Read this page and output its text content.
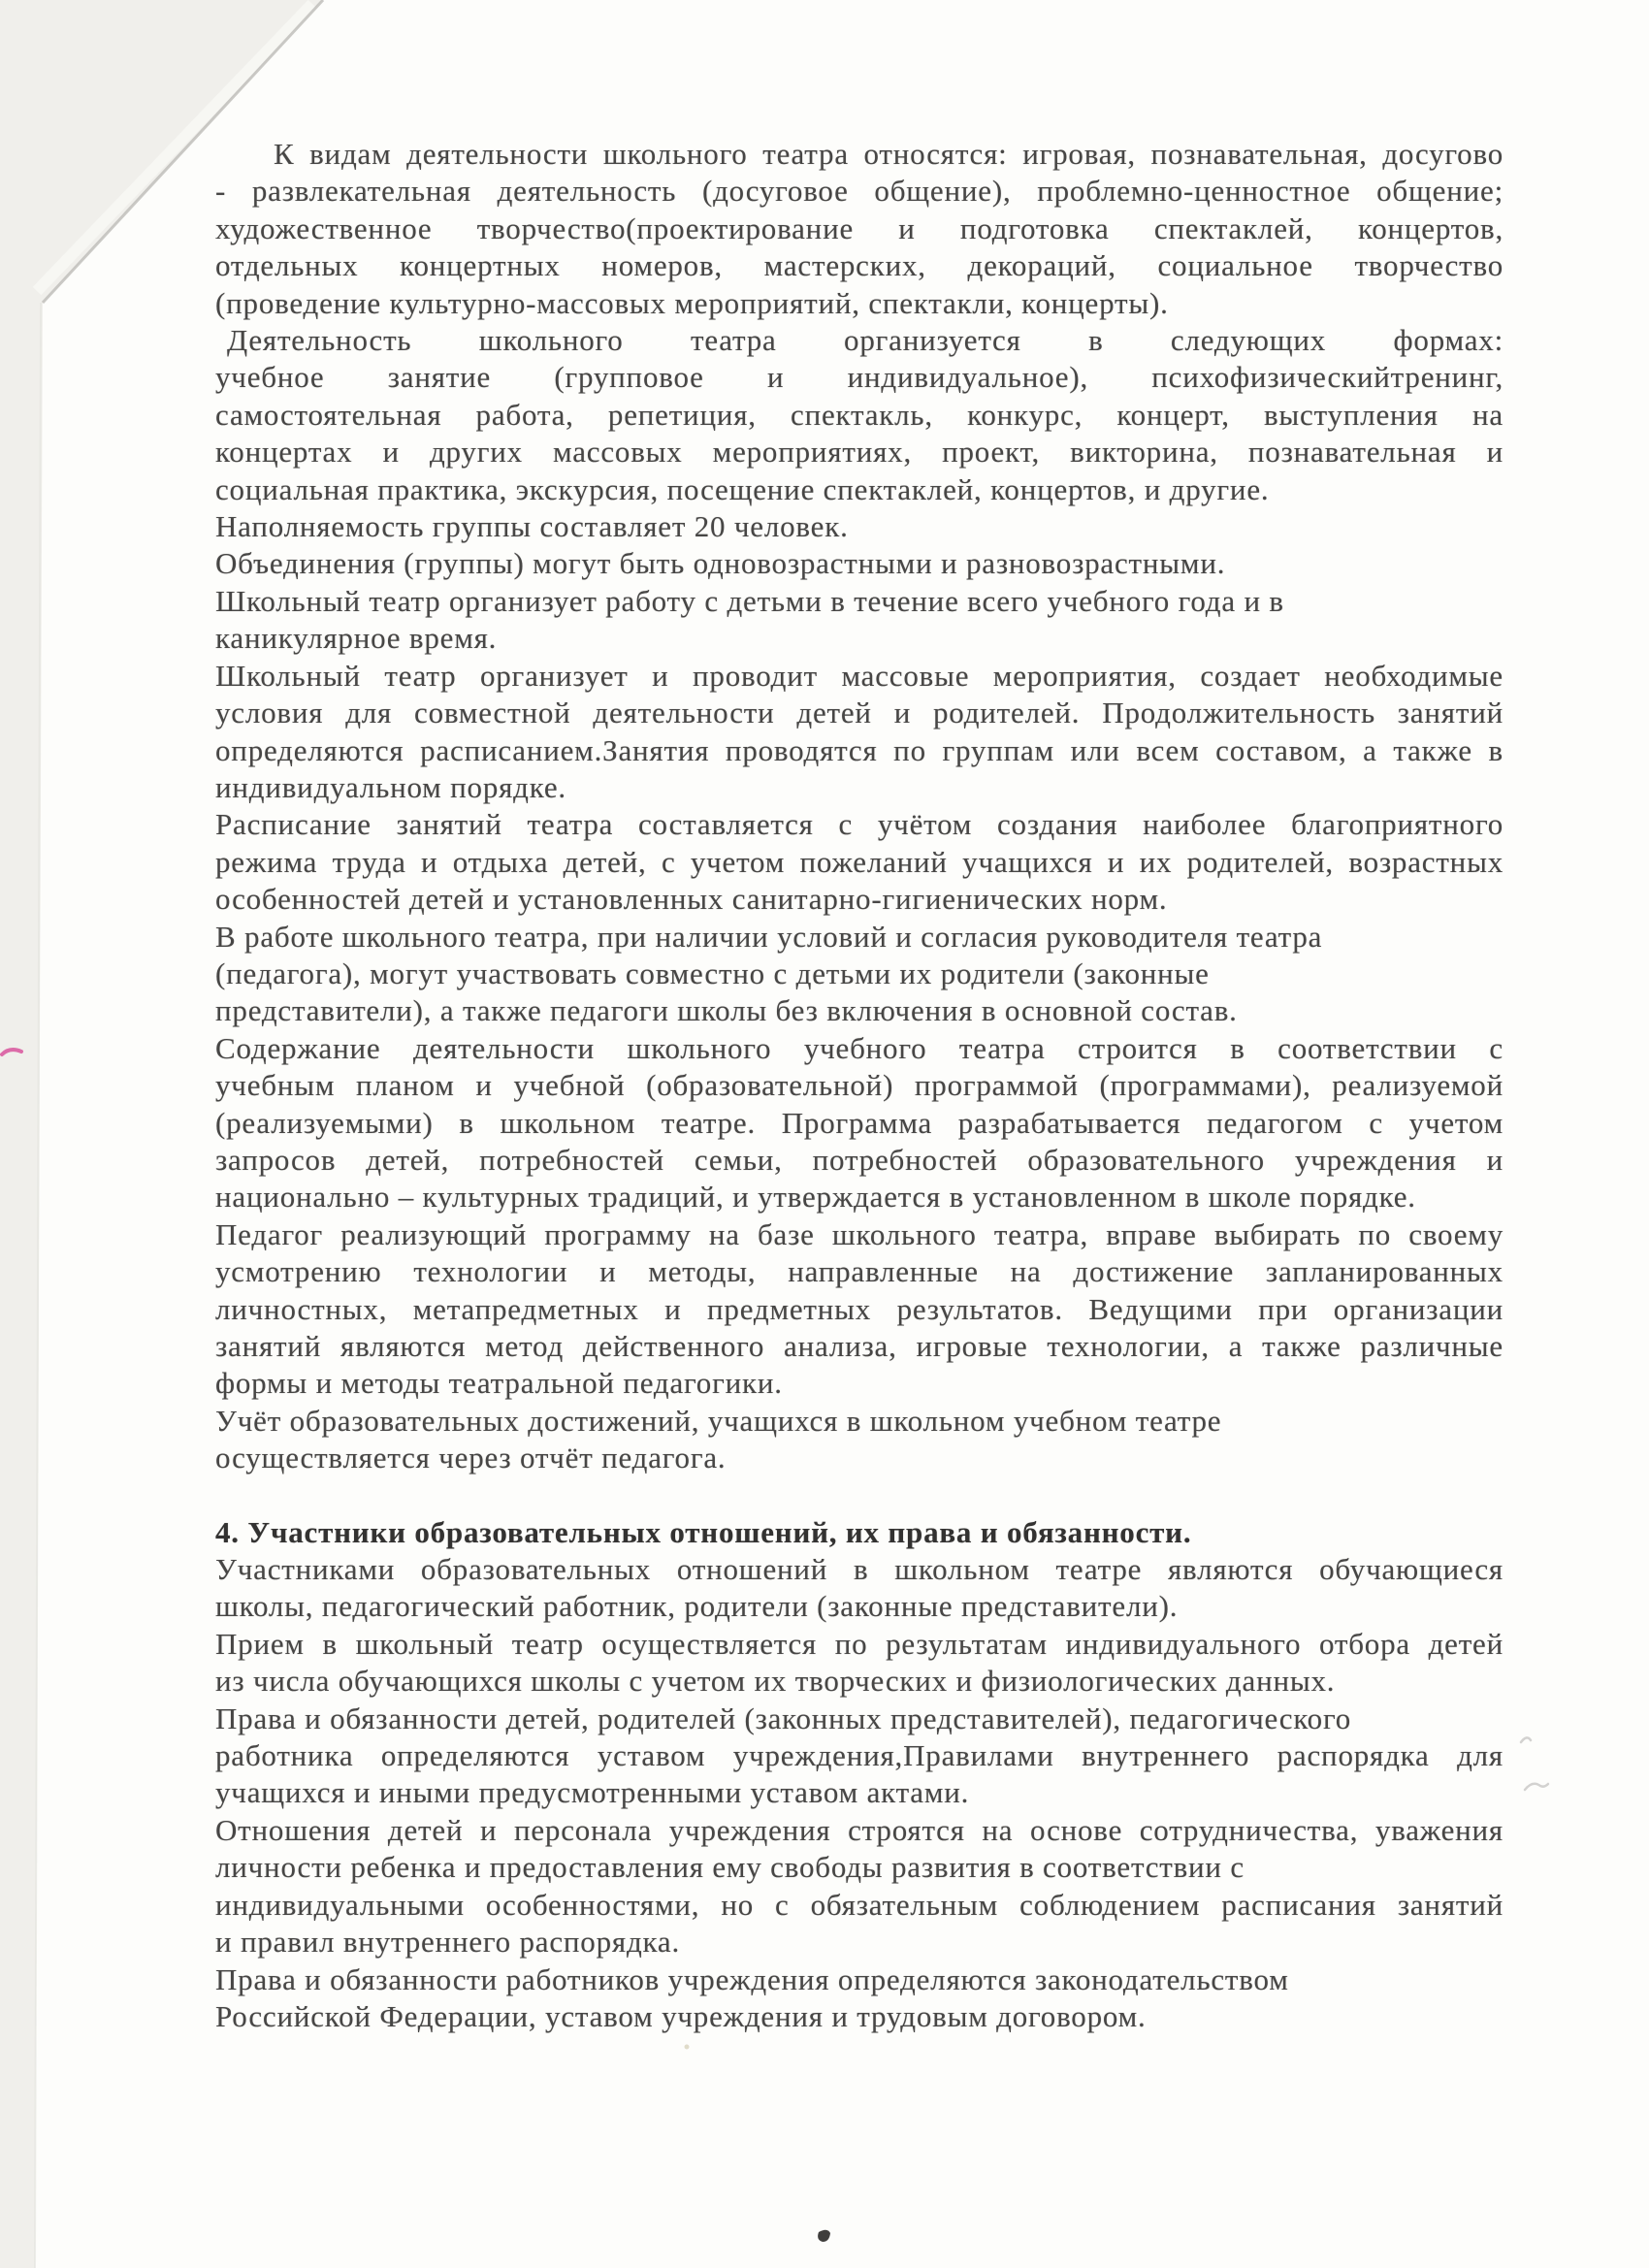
К видам деятельности школьного театра относятся: игровая, познавательная, досугово
- развлекательная деятельность (досуговое общение), проблемно-ценностное общение;
художественное творчество(проектирование и подготовка спектаклей, концертов,
отдельных концертных номеров, мастерских, декораций, социальное творчество
(проведение культурно-массовых мероприятий, спектакли, концерты).
Деятельность школьного театра организуется в следующих формах:
учебное занятие (групповое и индивидуальное), психофизическийтренинг,
самостоятельная работа, репетиция, спектакль, конкурс, концерт, выступления на
концертах и других массовых мероприятиях, проект, викторина, познавательная и
социальная практика, экскурсия, посещение спектаклей, концертов, и другие.
Наполняемость группы составляет 20 человек.
Объединения (группы) могут быть одновозрастными и разновозрастными.
Школьный театр организует работу с детьми в течение всего учебного года и в
каникулярное время.
Школьный театр организует и проводит массовые мероприятия, создает необходимые
условия для совместной деятельности детей и родителей. Продолжительность занятий
определяются расписанием.Занятия проводятся по группам или всем составом, а также в
индивидуальном порядке.
Расписание занятий театра составляется с учётом создания наиболее благоприятного
режима труда и отдыха детей, с учетом пожеланий учащихся и их родителей, возрастных
особенностей детей и установленных санитарно-гигиенических норм.
В работе школьного театра, при наличии условий и согласия руководителя театра
(педагога), могут участвовать совместно с детьми их родители (законные
представители), а также педагоги школы без включения в основной состав.
Содержание деятельности школьного учебного театра строится в соответствии с
учебным планом и учебной (образовательной) программой (программами), реализуемой
(реализуемыми) в школьном театре. Программа разрабатывается педагогом с учетом
запросов детей, потребностей семьи, потребностей образовательного учреждения и
национально – культурных традиций, и утверждается в установленном в школе порядке.
Педагог реализующий программу на базе школьного театра, вправе выбирать по своему
усмотрению технологии и методы, направленные на достижение запланированных
личностных, метапредметных и предметных результатов. Ведущими при организации
занятий являются метод действенного анализа, игровые технологии, а также различные
формы и методы театральной педагогики.
Учёт образовательных достижений, учащихся в школьном учебном театре
осуществляется через отчёт педагога.
4. Участники образовательных отношений, их права и обязанности.
Участниками образовательных отношений в школьном театре являются обучающиеся
школы, педагогический работник, родители (законные представители).
Прием в школьный театр осуществляется по результатам индивидуального отбора детей
из числа обучающихся школы с учетом их творческих и физиологических данных.
Права и обязанности детей, родителей (законных представителей), педагогического
работника определяются уставом учреждения,Правилами внутреннего распорядка для
учащихся и иными предусмотренными уставом актами.
Отношения детей и персонала учреждения строятся на основе сотрудничества, уважения
личности ребенка и предоставления ему свободы развития в соответствии с
индивидуальными особенностями, но с обязательным соблюдением расписания занятий
и правил внутреннего распорядка.
Права и обязанности работников учреждения определяются законодательством
Российской Федерации, уставом учреждения и трудовым договором.
